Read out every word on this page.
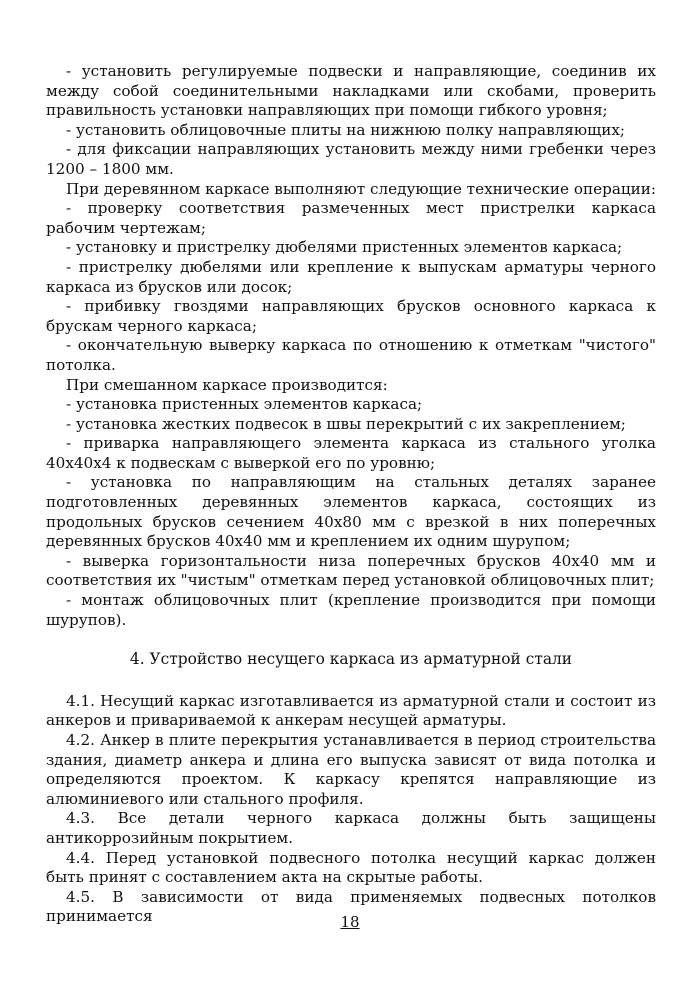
- установить регулируемые подвески и направляющие, соединив их между собой соединительными накладками или скобами, проверить правильность установки направляющих при помощи гибкого уровня;

- установить облицовочные плиты на нижнюю полку направляющих;

- для фиксации направляющих установить между ними гребенки через 1200 – 1800 мм.

При деревянном каркасе выполняют следующие технические операции:

- проверку соответствия размеченных мест пристрелки каркаса рабочим чертежам;

- установку и пристрелку дюбелями пристенных элементов каркаса;

- пристрелку дюбелями или крепление к выпускам арматуры черного каркаса из брусков или досок;

- прибивку гвоздями направляющих брусков основного каркаса к брускам черного каркаса;

- окончательную выверку каркаса по отношению к отметкам "чистого" потолка.

При смешанном каркасе производится:

- установка пристенных элементов каркаса;

- установка жестких подвесок в швы перекрытий с их закреплением;

- приварка направляющего элемента каркаса из стального уголка 40х40х4 к подвескам с выверкой его по уровню;

- установка по направляющим на стальных деталях заранее подготовленных деревянных элементов каркаса, состоящих из продольных брусков сечением 40х80 мм с врезкой в них поперечных деревянных брусков 40х40 мм и креплением их одним шурупом;

- выверка горизонтальности низа поперечных брусков 40х40 мм и соответствия их "чистым" отметкам перед установкой облицовочных плит;

- монтаж облицовочных плит (крепление производится при помощи шурупов).

4. Устройство несущего каркаса из арматурной стали

4.1. Несущий каркас изготавливается из арматурной стали и состоит из анкеров и привариваемой к анкерам несущей арматуры.

4.2. Анкер в плите перекрытия устанавливается в период строительства здания, диаметр анкера и длина его выпуска зависят от вида потолка и определяются проектом. К каркасу крепятся направляющие из алюминиевого или стального профиля.

4.3. Все детали черного каркаса должны быть защищены антикоррозийным покрытием.

4.4. Перед установкой подвесного потолка несущий каркас должен быть принят с составлением акта на скрытые работы.

4.5. В зависимости от вида применяемых подвесных потолков принимается	18
